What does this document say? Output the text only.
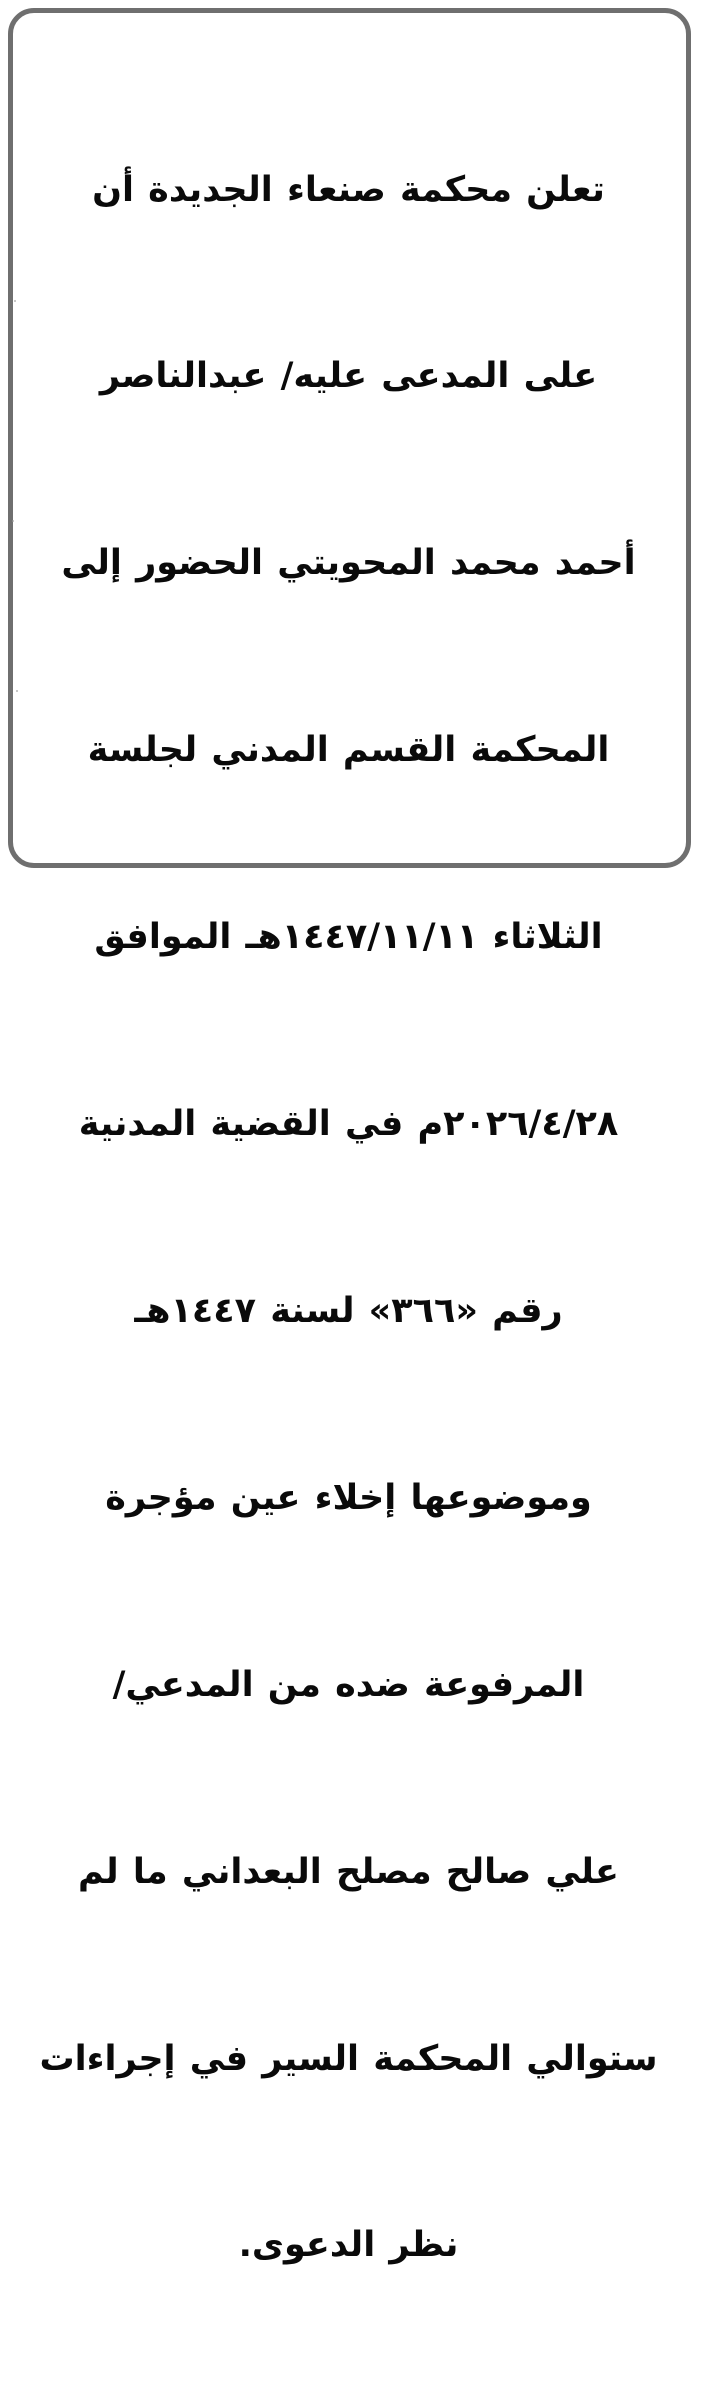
تعلن محكمة صنعاء الجديدة أن

على المدعى عليه/ عبدالناصر

أحمد محمد المحويتي الحضور إلى

المحكمة القسم المدني لجلسة

الثلاثاء ١٤٤٧/١١/١١هـ الموافق

٢٠٢٦/٤/٢٨م في القضية المدنية

رقم «٣٦٦» لسنة ١٤٤٧هـ

وموضوعها إخلاء عين مؤجرة

المرفوعة ضده من المدعي/

علي صالح مصلح البعداني ما لم

ستوالي المحكمة السير في إجراءات

نظر الدعوى.
